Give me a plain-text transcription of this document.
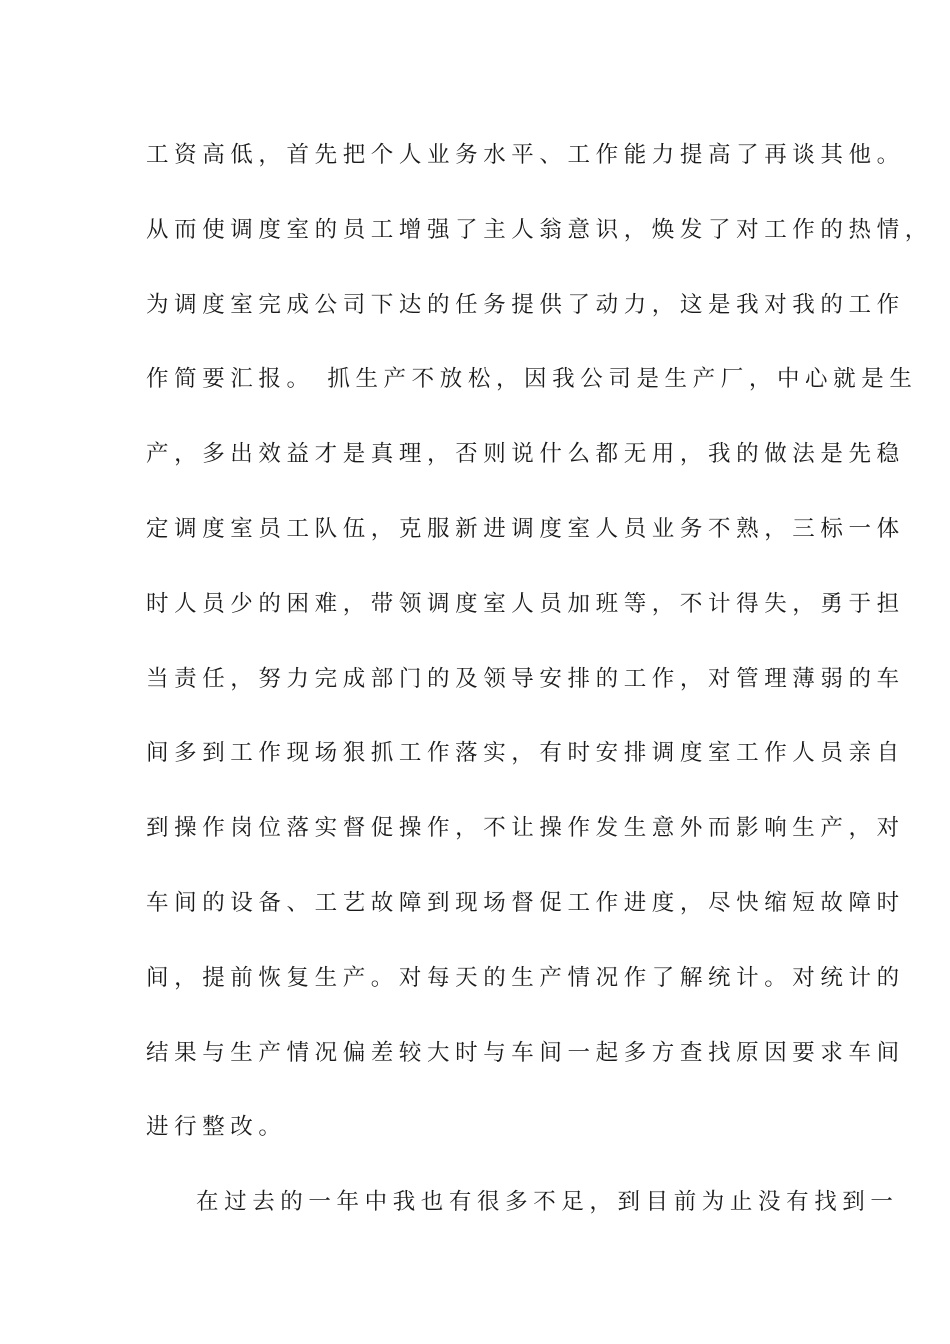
工资高低，首先把个人业务水平、工作能力提高了再谈其他。

从而使调度室的员工增强了主人翁意识，焕发了对工作的热情，

为调度室完成公司下达的任务提供了动力，这是我对我的工作

作简要汇报。 抓生产不放松，因我公司是生产厂，中心就是生

产，多出效益才是真理，否则说什么都无用，我的做法是先稳

定调度室员工队伍，克服新进调度室人员业务不熟，三标一体

时人员少的困难，带领调度室人员加班等，不计得失，勇于担

当责任，努力完成部门的及领导安排的工作，对管理薄弱的车

间多到工作现场狠抓工作落实，有时安排调度室工作人员亲自

到操作岗位落实督促操作，不让操作发生意外而影响生产，对

车间的设备、工艺故障到现场督促工作进度，尽快缩短故障时

间，提前恢复生产。对每天的生产情况作了解统计。对统计的

结果与生产情况偏差较大时与车间一起多方查找原因要求车间

进行整改。

在过去的一年中我也有很多不足，到目前为止没有找到一
